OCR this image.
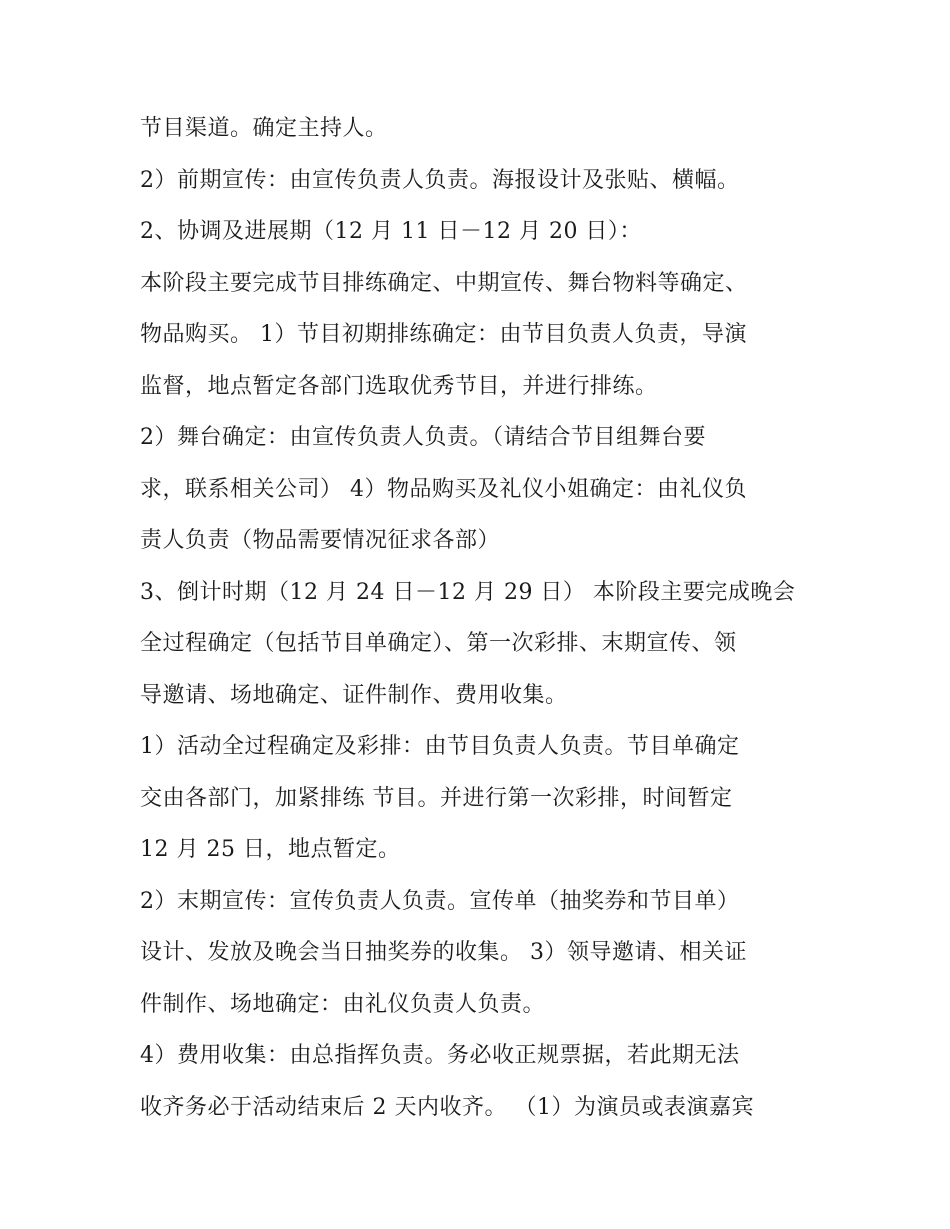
节目渠道。确定主持人。
2）前期宣传：由宣传负责人负责。海报设计及张贴、横幅。
2、协调及进展期（12 月 11 日－12 月 20 日）：
本阶段主要完成节目排练确定、中期宣传、舞台物料等确定、
物品购买。 1）节目初期排练确定：由节目负责人负责，导演
监督，地点暂定各部门选取优秀节目，并进行排练。
2）舞台确定：由宣传负责人负责。（请结合节目组舞台要
求，联系相关公司） 4）物品购买及礼仪小姐确定：由礼仪负
责人负责（物品需要情况征求各部）
3、倒计时期（12 月 24 日－12 月 29 日） 本阶段主要完成晚会
全过程确定（包括节目单确定）、第一次彩排、末期宣传、领
导邀请、场地确定、证件制作、费用收集。
1）活动全过程确定及彩排：由节目负责人负责。节目单确定
交由各部门，加紧排练 节目。并进行第一次彩排，时间暂定
12 月 25 日，地点暂定。
2）末期宣传：宣传负责人负责。宣传单（抽奖券和节目单）
设计、发放及晚会当日抽奖券的收集。 3）领导邀请、相关证
件制作、场地确定：由礼仪负责人负责。
4）费用收集：由总指挥负责。务必收正规票据，若此期无法
收齐务必于活动结束后 2 天内收齐。 （1）为演员或表演嘉宾
